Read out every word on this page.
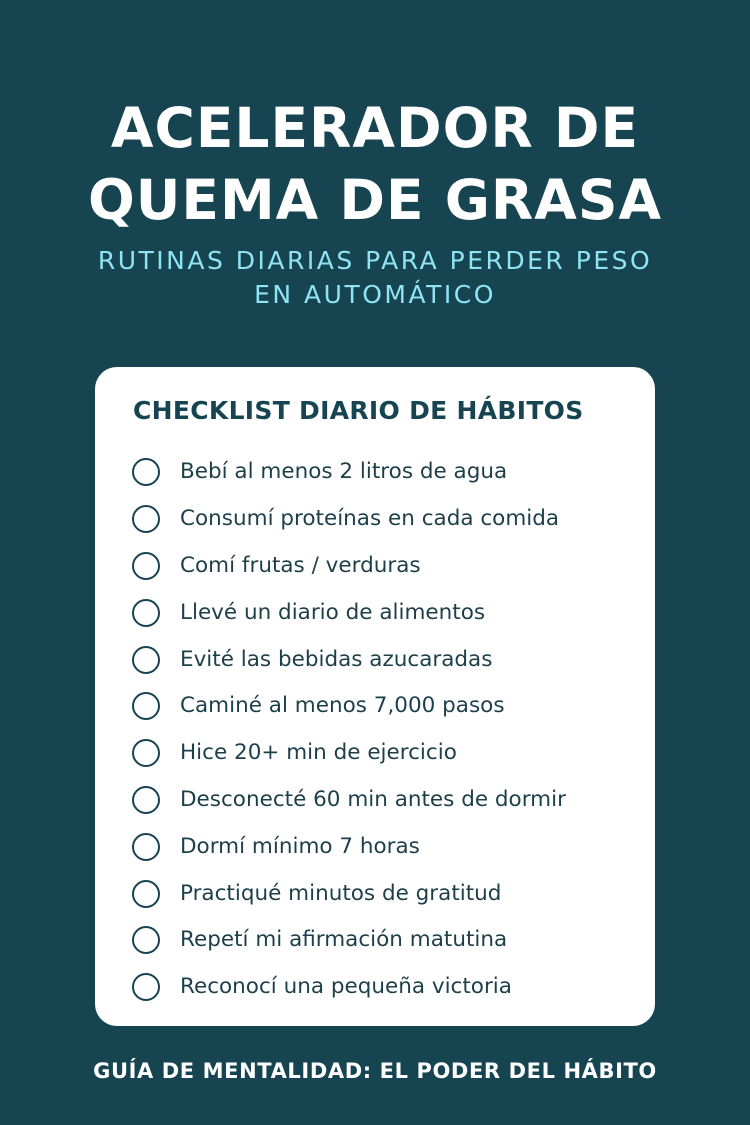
ACELERADOR DE
QUEMA DE GRASA
RUTINAS DIARIAS PARA PERDER PESO
EN AUTOMÁTICO
CHECKLIST DIARIO DE HÁBITOS
Bebí al menos 2 litros de agua
Consumí proteínas en cada comida
Comí frutas / verduras
Llevé un diario de alimentos
Evité las bebidas azucaradas
Caminé al menos 7,000 pasos
Hice 20+ min de ejercicio
Desconecté 60 min antes de dormir
Dormí mínimo 7 horas
Practiqué minutos de gratitud
Repetí mi afirmación matutina
Reconocí una pequeña victoria
GUÍA DE MENTALIDAD: EL PODER DEL HÁBITO
